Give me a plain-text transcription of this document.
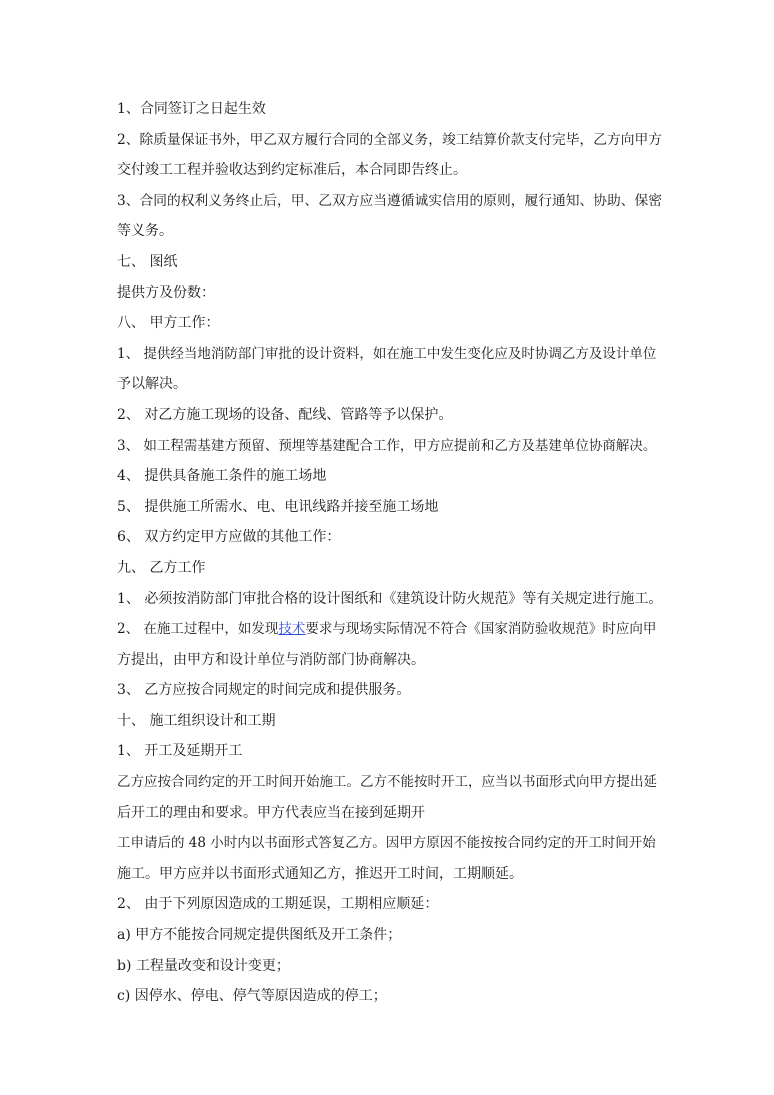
1、合同签订之日起生效
2、除质量保证书外，甲乙双方履行合同的全部义务，竣工结算价款支付完毕，乙方向甲方
交付竣工工程并验收达到约定标准后，本合同即告终止。
3、合同的权利义务终止后，甲、乙双方应当遵循诚实信用的原则，履行通知、协助、保密
等义务。
七、 图纸
提供方及份数：
八、 甲方工作：
1、 提供经当地消防部门审批的设计资料，如在施工中发生变化应及时协调乙方及设计单位
予以解决。
2、 对乙方施工现场的设备、配线、管路等予以保护。
3、 如工程需基建方预留、预埋等基建配合工作，甲方应提前和乙方及基建单位协商解决。
4、 提供具备施工条件的施工场地
5、 提供施工所需水、电、电讯线路并接至施工场地
6、 双方约定甲方应做的其他工作：
九、 乙方工作
1、 必须按消防部门审批合格的设计图纸和《建筑设计防火规范》等有关规定进行施工。
2、 在施工过程中，如发现技术要求与现场实际情况不符合《国家消防验收规范》时应向甲
方提出，由甲方和设计单位与消防部门协商解决。
3、 乙方应按合同规定的时间完成和提供服务。
十、 施工组织设计和工期
1、 开工及延期开工
乙方应按合同约定的开工时间开始施工。乙方不能按时开工，应当以书面形式向甲方提出延
后开工的理由和要求。甲方代表应当在接到延期开
工申请后的 48 小时内以书面形式答复乙方。因甲方原因不能按按合同约定的开工时间开始
施工。甲方应并以书面形式通知乙方，推迟开工时间，工期顺延。
2、 由于下列原因造成的工期延误，工期相应顺延：
a) 甲方不能按合同规定提供图纸及开工条件；
b) 工程量改变和设计变更；
c) 因停水、停电、停气等原因造成的停工；
